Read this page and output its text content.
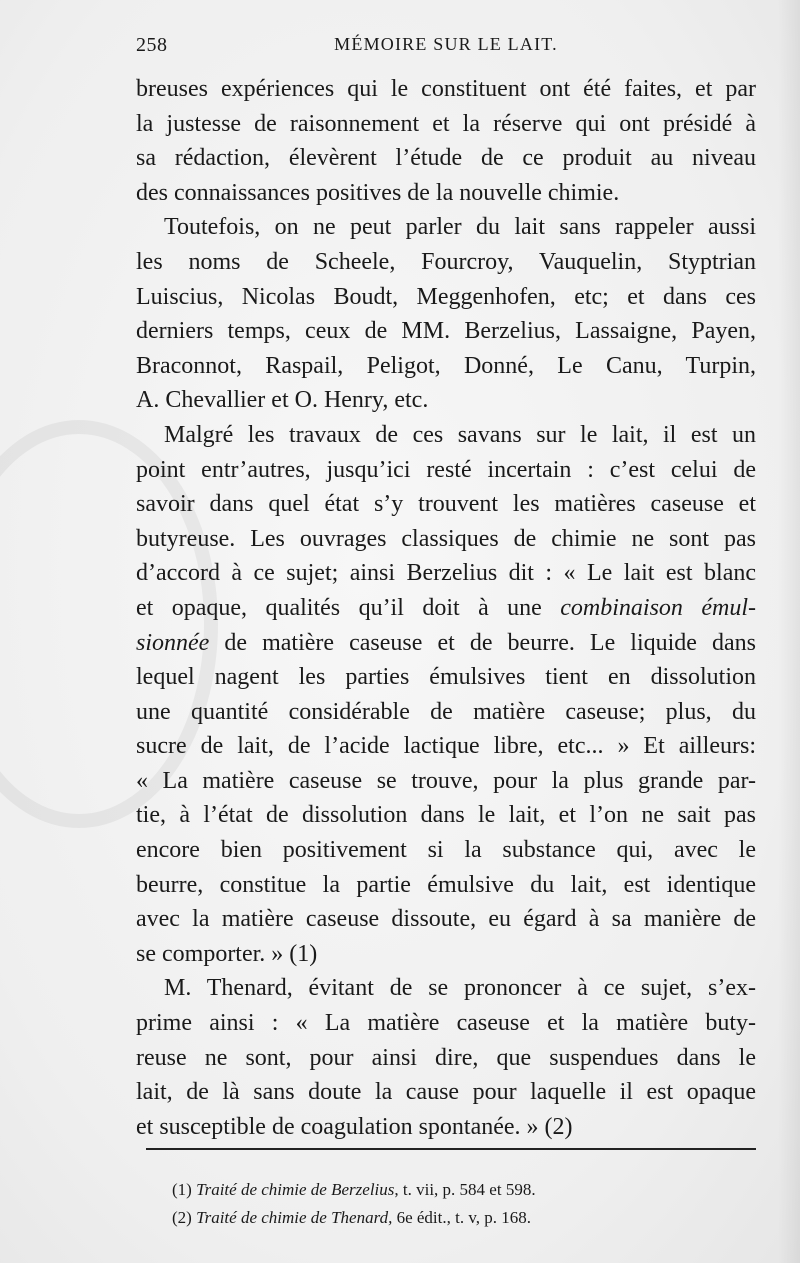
258	MÉMOIRE SUR LE LAIT.
breuses expériences qui le constituent ont été faites, et par
la justesse de raisonnement et la réserve qui ont présidé à
sa rédaction, élevèrent l’étude de ce produit au niveau
des connaissances positives de la nouvelle chimie.
Toutefois, on ne peut parler du lait sans rappeler aussi
les noms de Scheele, Fourcroy, Vauquelin, Styptrian
Luiscius, Nicolas Boudt, Meggenhofen, etc; et dans ces
derniers temps, ceux de MM. Berzelius, Lassaigne, Payen,
Braconnot, Raspail, Peligot, Donné, Le Canu, Turpin,
A. Chevallier et O. Henry, etc.
Malgré les travaux de ces savans sur le lait, il est un
point entr’autres, jusqu’ici resté incertain : c’est celui de
savoir dans quel état s’y trouvent les matières caseuse et
butyreuse. Les ouvrages classiques de chimie ne sont pas
d’accord à ce sujet; ainsi Berzelius dit : « Le lait est blanc
et opaque, qualités qu’il doit à une combinaison émul-
sionnée de matière caseuse et de beurre. Le liquide dans
lequel nagent les parties émulsives tient en dissolution
une quantité considérable de matière caseuse; plus, du
sucre de lait, de l’acide lactique libre, etc... » Et ailleurs:
« La matière caseuse se trouve, pour la plus grande par-
tie, à l’état de dissolution dans le lait, et l’on ne sait pas
encore bien positivement si la substance qui, avec le
beurre, constitue la partie émulsive du lait, est identique
avec la matière caseuse dissoute, eu égard à sa manière de
se comporter. » (1)
M. Thenard, évitant de se prononcer à ce sujet, s’ex-
prime ainsi : « La matière caseuse et la matière buty-
reuse ne sont, pour ainsi dire, que suspendues dans le
lait, de là sans doute la cause pour laquelle il est opaque
et susceptible de coagulation spontanée. » (2)
(1) Traité de chimie de Berzelius, t. vii, p. 584 et 598.
(2) Traité de chimie de Thenard, 6e édit., t. v, p. 168.
